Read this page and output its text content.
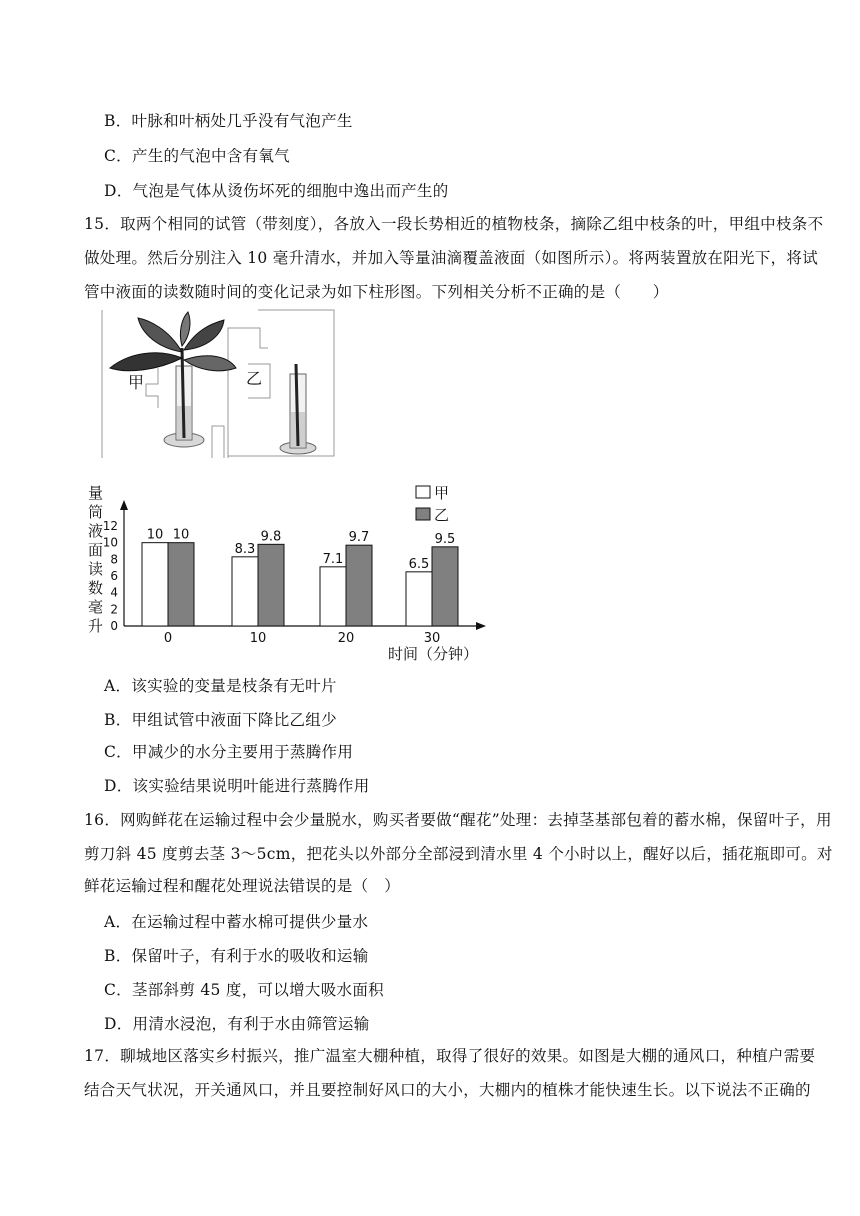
B．叶脉和叶柄处几乎没有气泡产生
C．产生的气泡中含有氧气
D．气泡是气体从烫伤坏死的细胞中逸出而产生的
15．取两个相同的试管（带刻度），各放入一段长势相近的植物枝条，摘除乙组中枝条的叶，甲组中枝条不
做处理。然后分别注入 10 毫升清水，并加入等量油滴覆盖液面（如图所示）。将两装置放在阳光下，将试
管中液面的读数随时间的变化记录为如下柱形图。下列相关分析不正确的是（　　）
甲	乙
量
筒
液
面
读
数
毫
升 0
2
4
6
8
10
12
10 10
8.3
9.8
7.1
9.7
6.5
9.5
0	10	20	30
时间（分钟）
甲
乙
A．该实验的变量是枝条有无叶片
B．甲组试管中液面下降比乙组少
C．甲减少的水分主要用于蒸腾作用
D．该实验结果说明叶能进行蒸腾作用
16．网购鲜花在运输过程中会少量脱水，购买者要做“醒花”处理：去掉茎基部包着的蓄水棉，保留叶子，用
剪刀斜 45 度剪去茎 3～5cm，把花头以外部分全部浸到清水里 4 个小时以上，醒好以后，插花瓶即可。对
鲜花运输过程和醒花处理说法错误的是（　）
A．在运输过程中蓄水棉可提供少量水
B．保留叶子，有利于水的吸收和运输
C．茎部斜剪 45 度，可以增大吸水面积
D．用清水浸泡，有利于水由筛管运输
17．聊城地区落实乡村振兴，推广温室大棚种植，取得了很好的效果。如图是大棚的通风口，种植户需要
结合天气状况，开关通风口，并且要控制好风口的大小，大棚内的植株才能快速生长。以下说法不正确的
